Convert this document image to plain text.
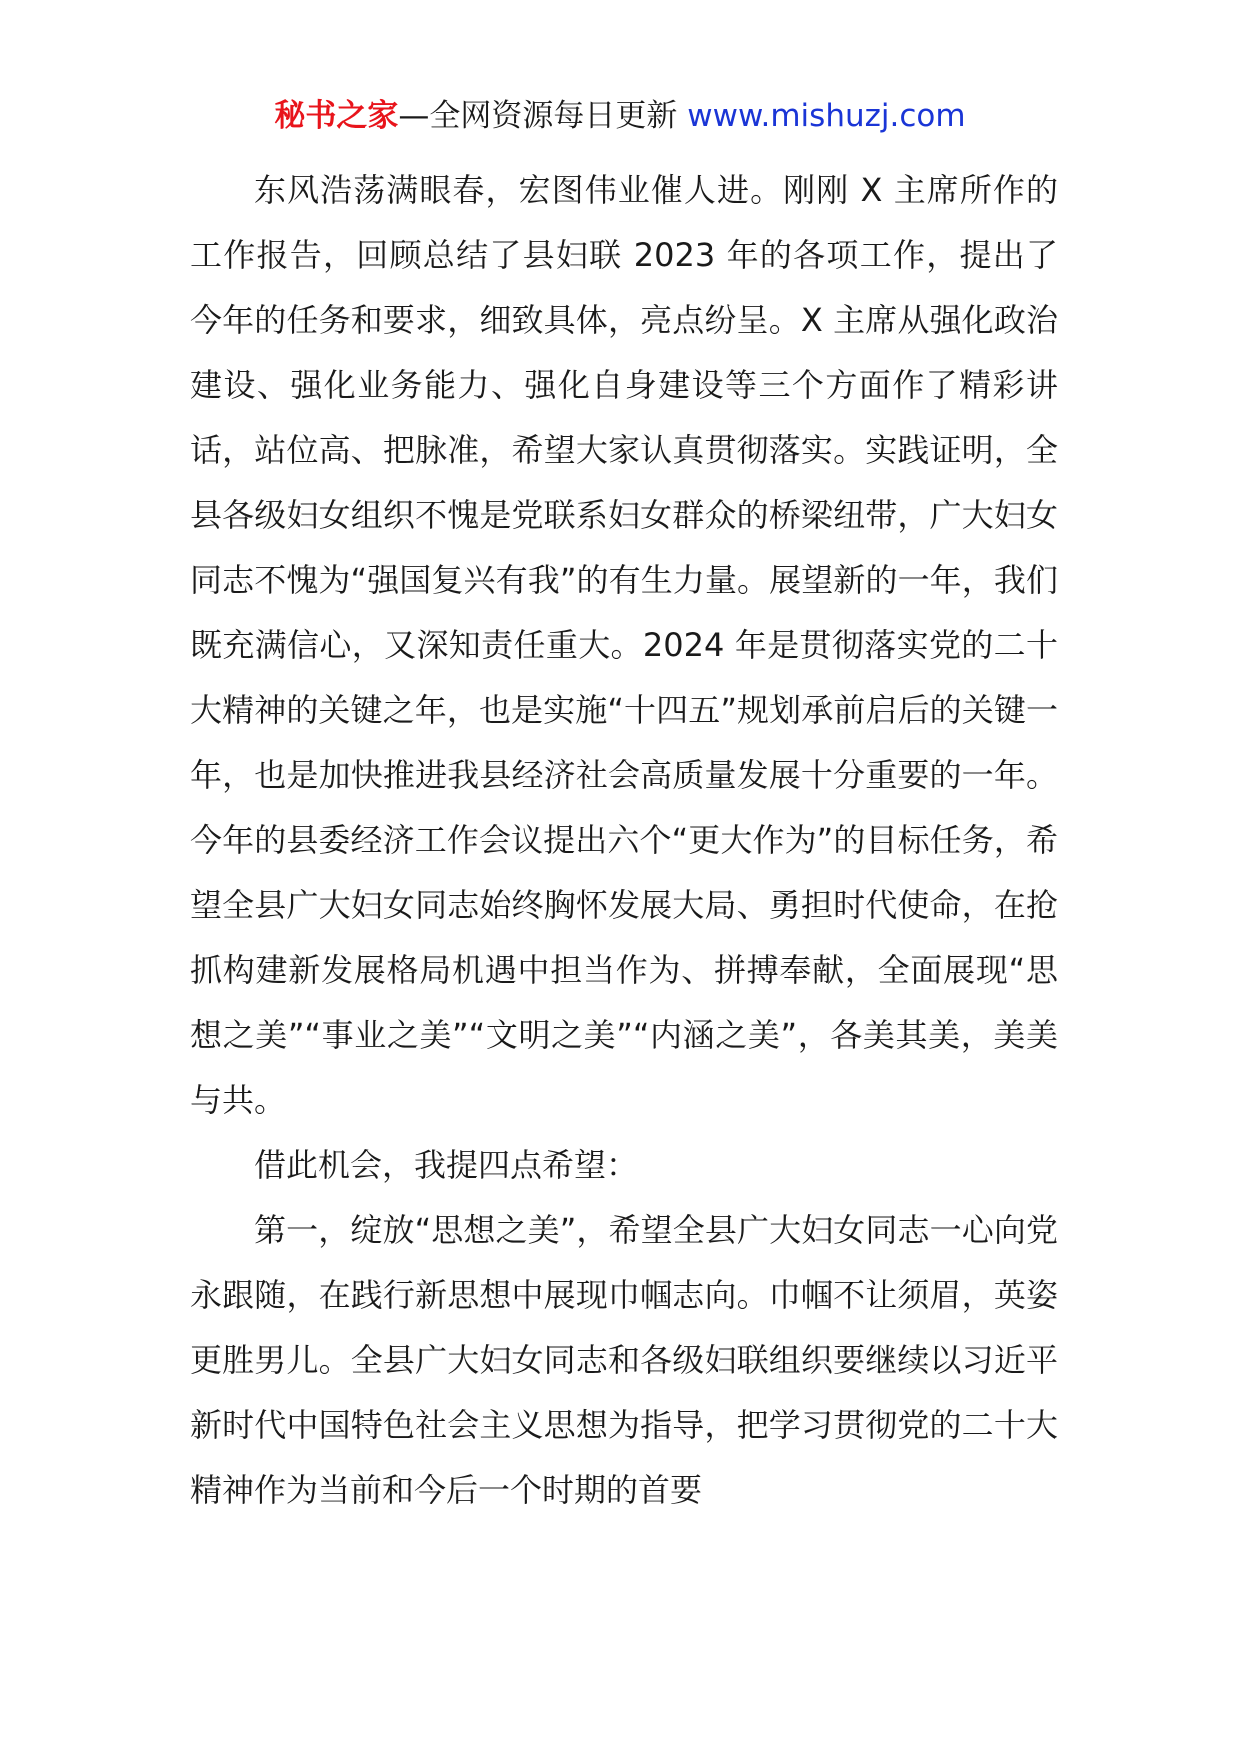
秘书之家—全网资源每日更新 www.mishuzj.com

东风浩荡满眼春，宏图伟业催人进。刚刚 X 主席所作的工作报告，回顾总结了县妇联 2023 年的各项工作，提出了今年的任务和要求，细致具体，亮点纷呈。X 主席从强化政治建设、强化业务能力、强化自身建设等三个方面作了精彩讲话，站位高、把脉准，希望大家认真贯彻落实。实践证明，全县各级妇女组织不愧是党联系妇女群众的桥梁纽带，广大妇女同志不愧为“强国复兴有我”的有生力量。展望新的一年，我们既充满信心，又深知责任重大。2024 年是贯彻落实党的二十大精神的关键之年，也是实施“十四五”规划承前启后的关键一年，也是加快推进我县经济社会高质量发展十分重要的一年。今年的县委经济工作会议提出六个“更大作为”的目标任务，希望全县广大妇女同志始终胸怀发展大局、勇担时代使命，在抢抓构建新发展格局机遇中担当作为、拼搏奉献，全面展现“思想之美”“事业之美”“文明之美”“内涵之美”，各美其美，美美与共。

借此机会，我提四点希望：

第一，绽放“思想之美”，希望全县广大妇女同志一心向党永跟随，在践行新思想中展现巾帼志向。巾帼不让须眉，英姿更胜男儿。全县广大妇女同志和各级妇联组织要继续以习近平新时代中国特色社会主义思想为指导，把学习贯彻党的二十大精神作为当前和今后一个时期的首要
